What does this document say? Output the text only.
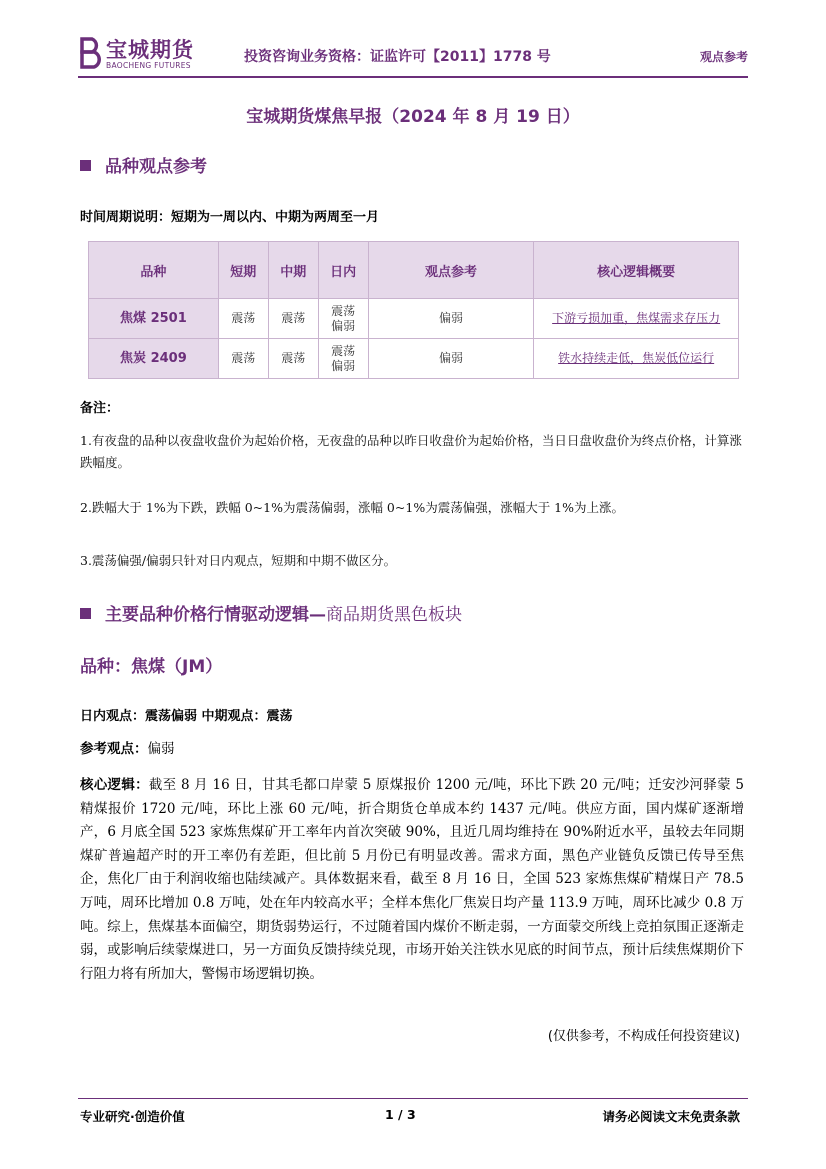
宝城期货
BAOCHENG FUTURES
投资咨询业务资格：证监许可【2011】1778 号	观点参考
宝城期货煤焦早报（2024 年 8 月 19 日）
品种观点参考
时间周期说明：短期为一周以内、中期为两周至一月
品种	短期	中期	日内	观点参考	核心逻辑概要
焦煤 2501	震荡	震荡	震荡偏弱	偏弱	下游亏损加重，焦煤需求存压力
焦炭 2409	震荡	震荡	震荡偏弱	偏弱	铁水持续走低，焦炭低位运行
备注：
1.有夜盘的品种以夜盘收盘价为起始价格，无夜盘的品种以昨日收盘价为起始价格，当日日盘收盘价为终点价格，计算涨跌幅度。
2.跌幅大于 1%为下跌，跌幅 0~1%为震荡偏弱，涨幅 0~1%为震荡偏强，涨幅大于 1%为上涨。
3.震荡偏强/偏弱只针对日内观点，短期和中期不做区分。
主要品种价格行情驱动逻辑—商品期货黑色板块
品种：焦煤（JM）
日内观点：震荡偏弱 中期观点：震荡
参考观点：偏弱
核心逻辑：截至 8 月 16 日，甘其毛都口岸蒙 5 原煤报价 1200 元/吨，环比下跌 20 元/吨；迁安沙河驿蒙 5 精煤报价 1720 元/吨，环比上涨 60 元/吨，折合期货仓单成本约 1437 元/吨。供应方面，国内煤矿逐渐增产，6 月底全国 523 家炼焦煤矿开工率年内首次突破 90%，且近几周均维持在 90%附近水平，虽较去年同期煤矿普遍超产时的开工率仍有差距，但比前 5 月份已有明显改善。需求方面，黑色产业链负反馈已传导至焦企，焦化厂由于利润收缩也陆续减产。具体数据来看，截至 8 月 16 日，全国 523 家炼焦煤矿精煤日产 78.5 万吨，周环比增加 0.8 万吨，处在年内较高水平；全样本焦化厂焦炭日均产量 113.9 万吨，周环比减少 0.8 万吨。综上，焦煤基本面偏空，期货弱势运行，不过随着国内煤价不断走弱，一方面蒙交所线上竞拍氛围正逐渐走弱，或影响后续蒙煤进口，另一方面负反馈持续兑现，市场开始关注铁水见底的时间节点，预计后续焦煤期价下行阻力将有所加大，警惕市场逻辑切换。
(仅供参考，不构成任何投资建议)
专业研究·创造价值	1 / 3	请务必阅读文末免责条款
